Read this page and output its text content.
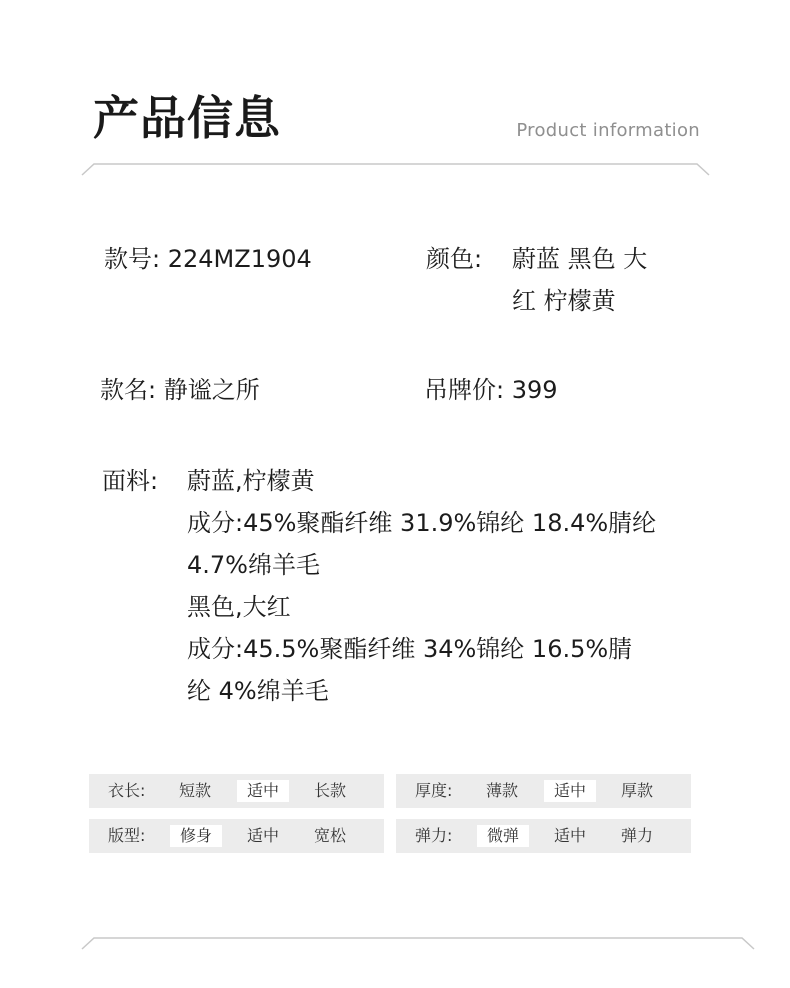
产品信息	Product information
款号: 224MZ1904	颜色: 蔚蓝 黑色 大
红 柠檬黄
款名: 静谧之所	吊牌价: 399
面料: 蔚蓝,柠檬黄
成分:45%聚酯纤维 31.9%锦纶 18.4%腈纶
4.7%绵羊毛
黑色,大红
成分:45.5%聚酯纤维 34%锦纶 16.5%腈
纶 4%绵羊毛
衣长: 短款	适中	长款	厚度: 薄款	适中	厚款
版型:	修身	适中 宽松	弹力:	微弹	适中 弹力
